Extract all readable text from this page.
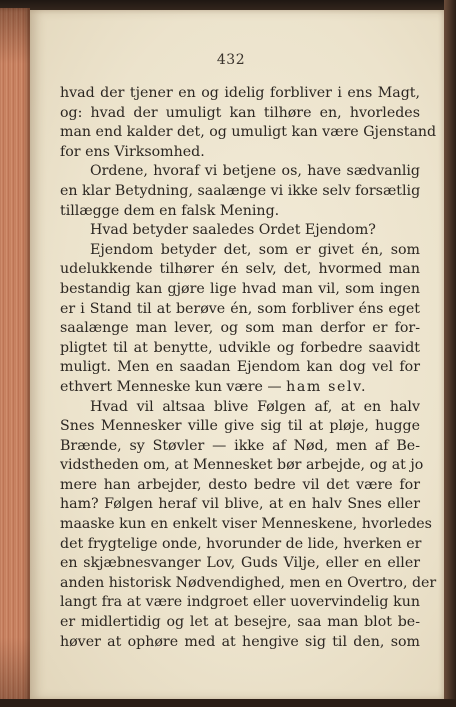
432
hvad der tjener en og idelig forbliver i ens Magt,
og: hvad der umuligt kan tilhøre en, hvorledes
man end kalder det, og umuligt kan være Gjenstand
for ens Virksomhed.
Ordene, hvoraf vi betjene os, have sædvanlig
en klar Betydning, saalænge vi ikke selv forsætlig
tillægge dem en falsk Mening.
Hvad betyder saaledes Ordet Ejendom?
Ejendom betyder det, som er givet én, som
udelukkende tilhører én selv, det, hvormed man
bestandig kan gjøre lige hvad man vil, som ingen
er i Stand til at berøve én, som forbliver éns eget
saalænge man lever, og som man derfor er for-
pligtet til at benytte, udvikle og forbedre saavidt
muligt. Men en saadan Ejendom kan dog vel for
ethvert Menneske kun være — ham selv.
Hvad vil altsaa blive Følgen af, at en halv
Snes Mennesker ville give sig til at pløje, hugge
Brænde, sy Støvler — ikke af Nød, men af Be-
vidstheden om, at Mennesket bør arbejde, og at jo
mere han arbejder, desto bedre vil det være for
ham? Følgen heraf vil blive, at en halv Snes eller
maaske kun en enkelt viser Menneskene, hvorledes
det frygtelige onde, hvorunder de lide, hverken er
en skjæbnesvanger Lov, Guds Vilje, eller en eller
anden historisk Nødvendighed, men en Overtro, der
langt fra at være indgroet eller uovervindelig kun
er midlertidig og let at besejre, saa man blot be-
høver at ophøre med at hengive sig til den, som
